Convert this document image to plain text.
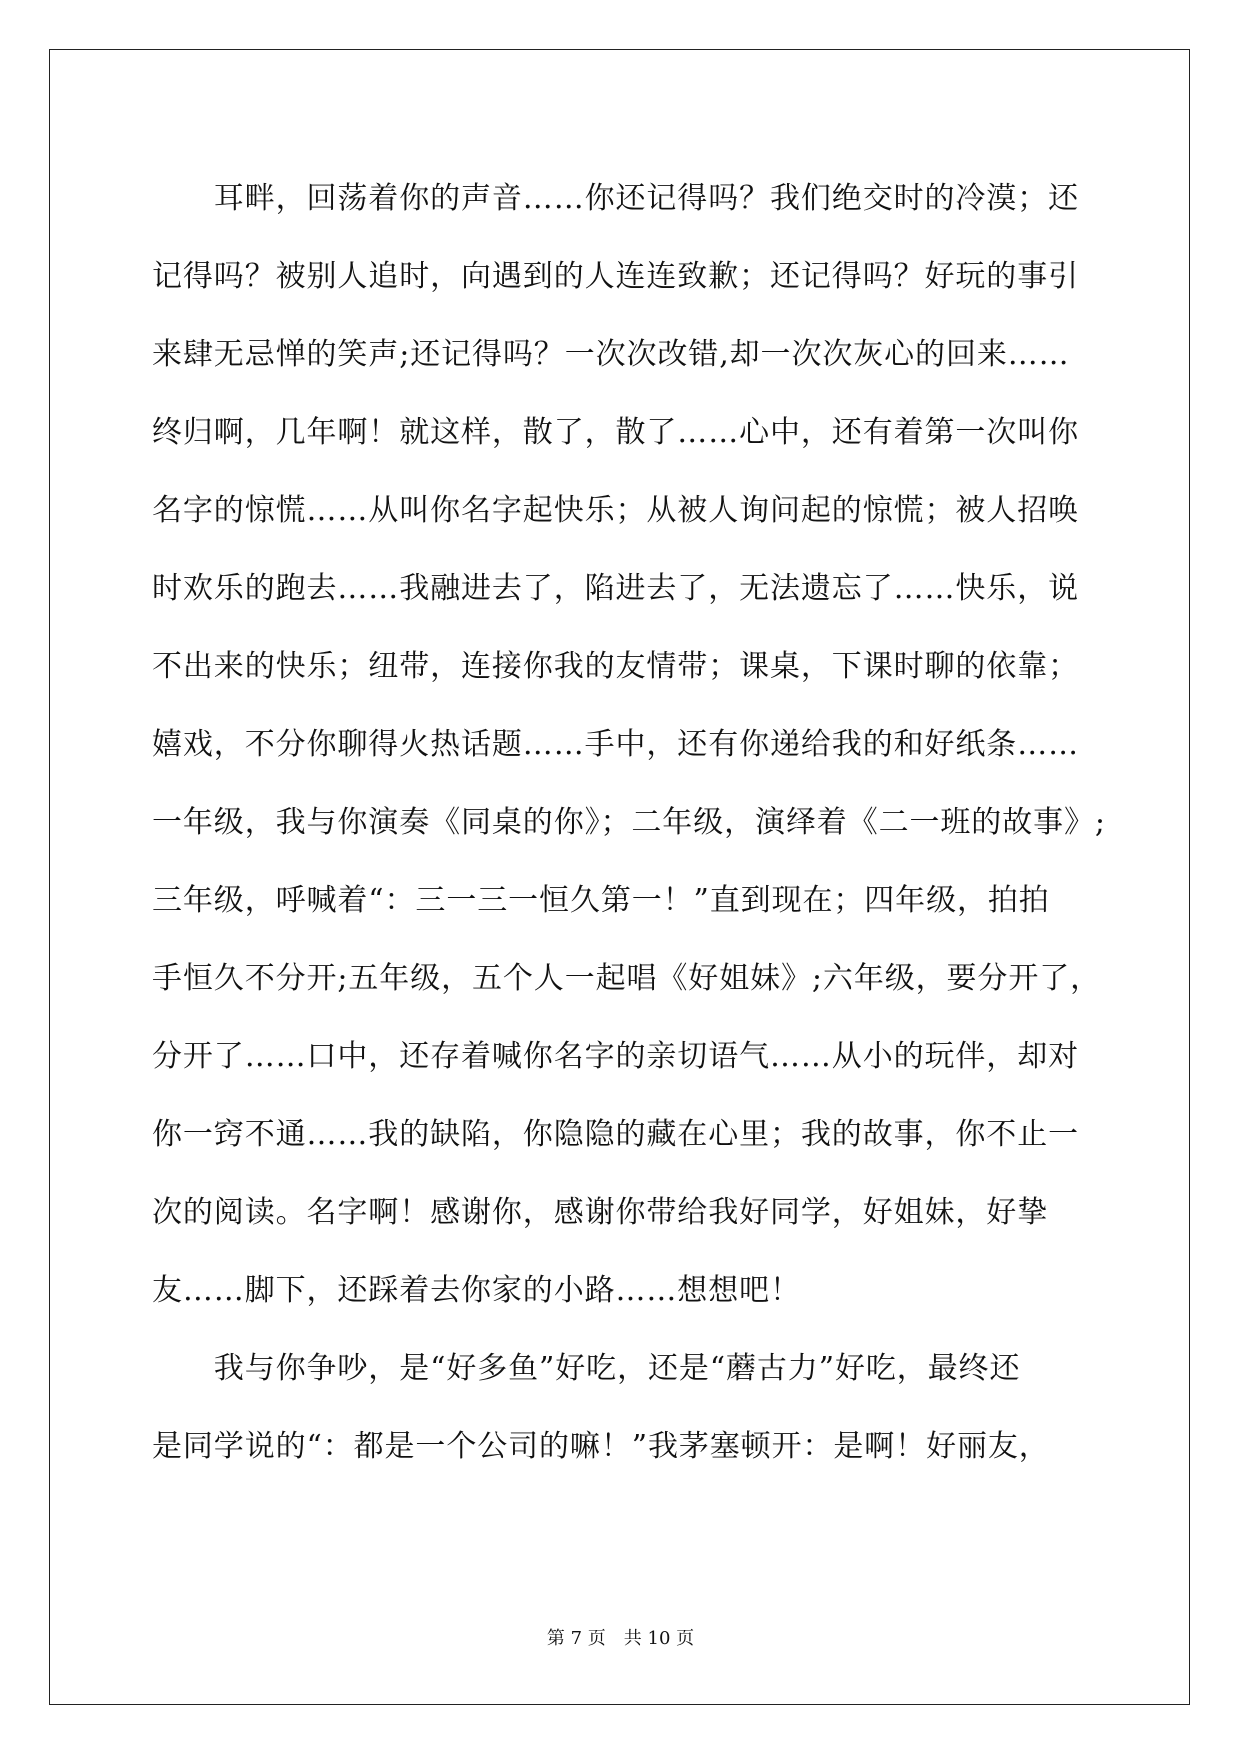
　　耳畔，回荡着你的声音……你还记得吗？我们绝交时的冷漠；还
记得吗？被别人追时，向遇到的人连连致歉；还记得吗？好玩的事引
来肆无忌惮的笑声;还记得吗？一次次改错,却一次次灰心的回来……
终归啊，几年啊！就这样，散了，散了……心中，还有着第一次叫你
名字的惊慌……从叫你名字起快乐；从被人询问起的惊慌；被人招唤
时欢乐的跑去……我融进去了，陷进去了，无法遗忘了……快乐，说
不出来的快乐；纽带，连接你我的友情带；课桌，下课时聊的依靠；
嬉戏，不分你聊得火热话题……手中，还有你递给我的和好纸条……
一年级，我与你演奏《同桌的你》；二年级，演绎着《二一班的故事》;
三年级，呼喊着“：三一三一恒久第一！”直到现在；四年级，拍拍
手恒久不分开;五年级，五个人一起唱《好姐妹》;六年级，要分开了，
分开了……口中，还存着喊你名字的亲切语气……从小的玩伴，却对
你一窍不通……我的缺陷，你隐隐的藏在心里；我的故事，你不止一
次的阅读。名字啊！感谢你，感谢你带给我好同学，好姐妹，好挚
友……脚下，还踩着去你家的小路……想想吧！
　　我与你争吵，是“好多鱼”好吃，还是“蘑古力”好吃，最终还
是同学说的“：都是一个公司的嘛！”我茅塞顿开：是啊！好丽友，
第 7 页　共 10 页
